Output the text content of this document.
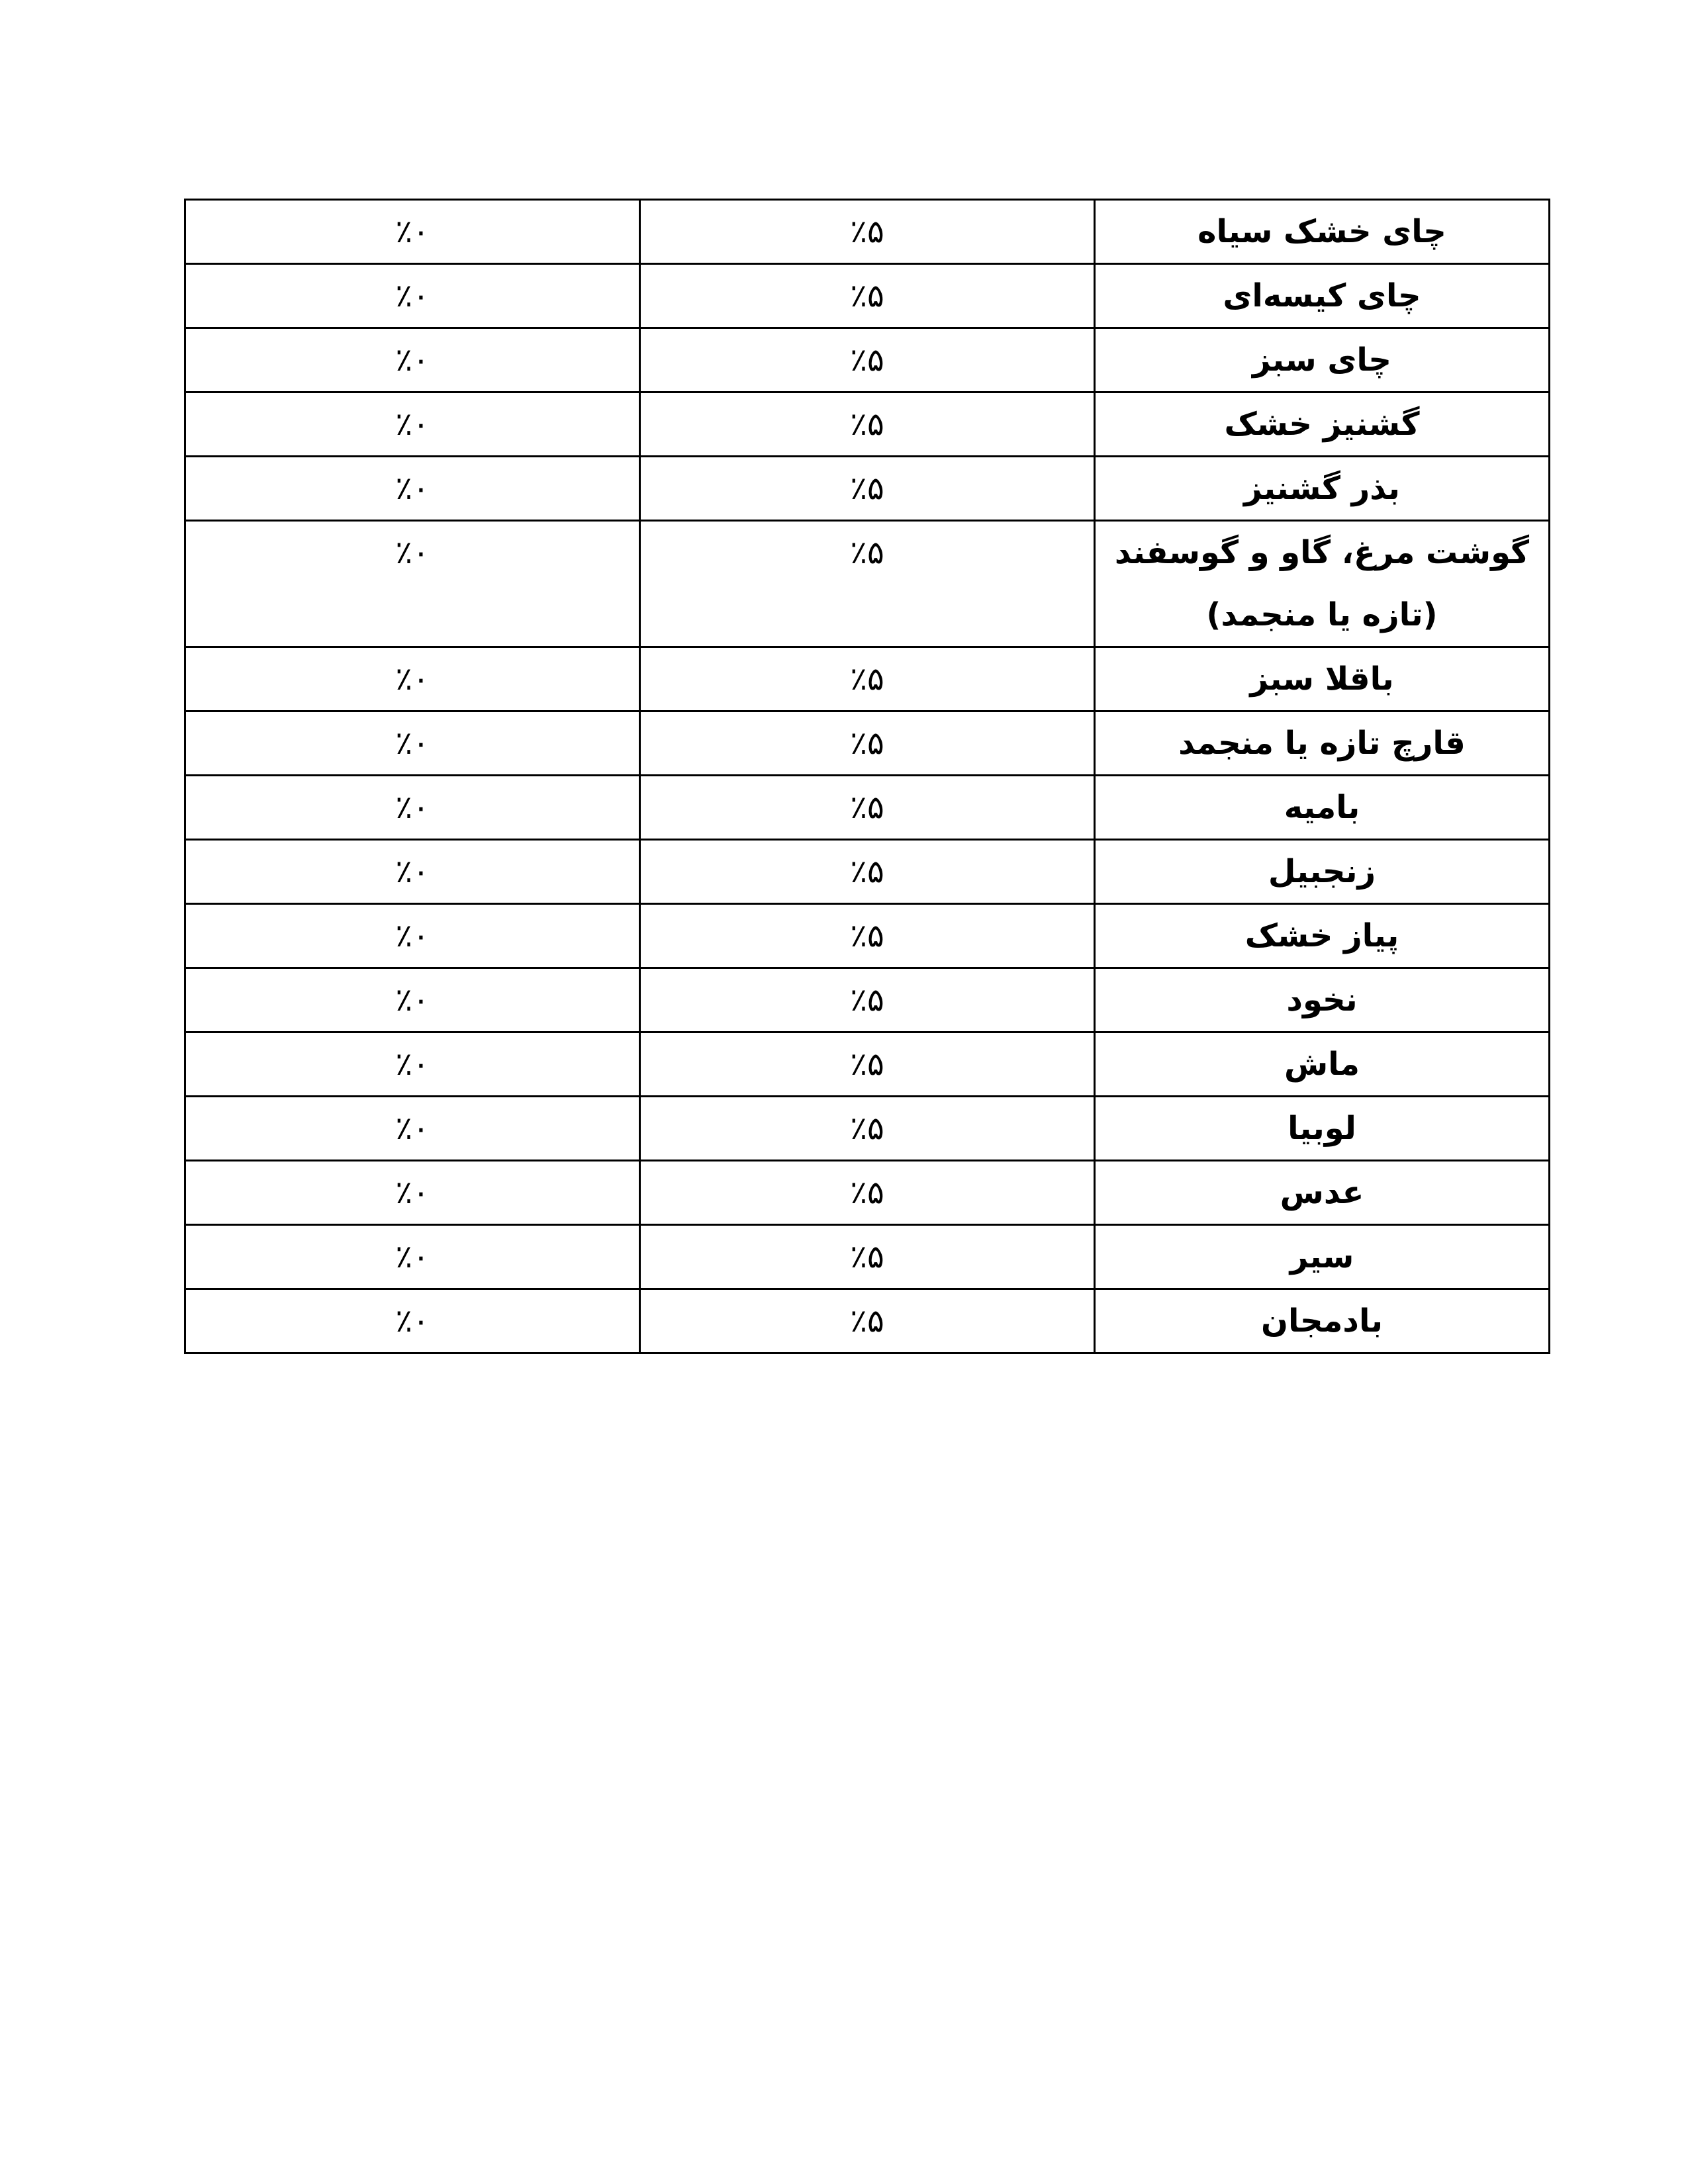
چای خشک سیاه	٪۵	٪۰
چای کیسه‌ای	٪۵	٪۰
چای سبز	٪۵	٪۰
گشنیز خشک	٪۵	٪۰
بذر گشنیز	٪۵	٪۰
گوشت مرغ، گاو و گوسفند (تازه یا منجمد)	٪۵	٪۰
باقلا سبز	٪۵	٪۰
قارچ تازه یا منجمد	٪۵	٪۰
بامیه	٪۵	٪۰
زنجبیل	٪۵	٪۰
پیاز خشک	٪۵	٪۰
نخود	٪۵	٪۰
ماش	٪۵	٪۰
لوبیا	٪۵	٪۰
عدس	٪۵	٪۰
سیر	٪۵	٪۰
بادمجان	٪۵	٪۰
